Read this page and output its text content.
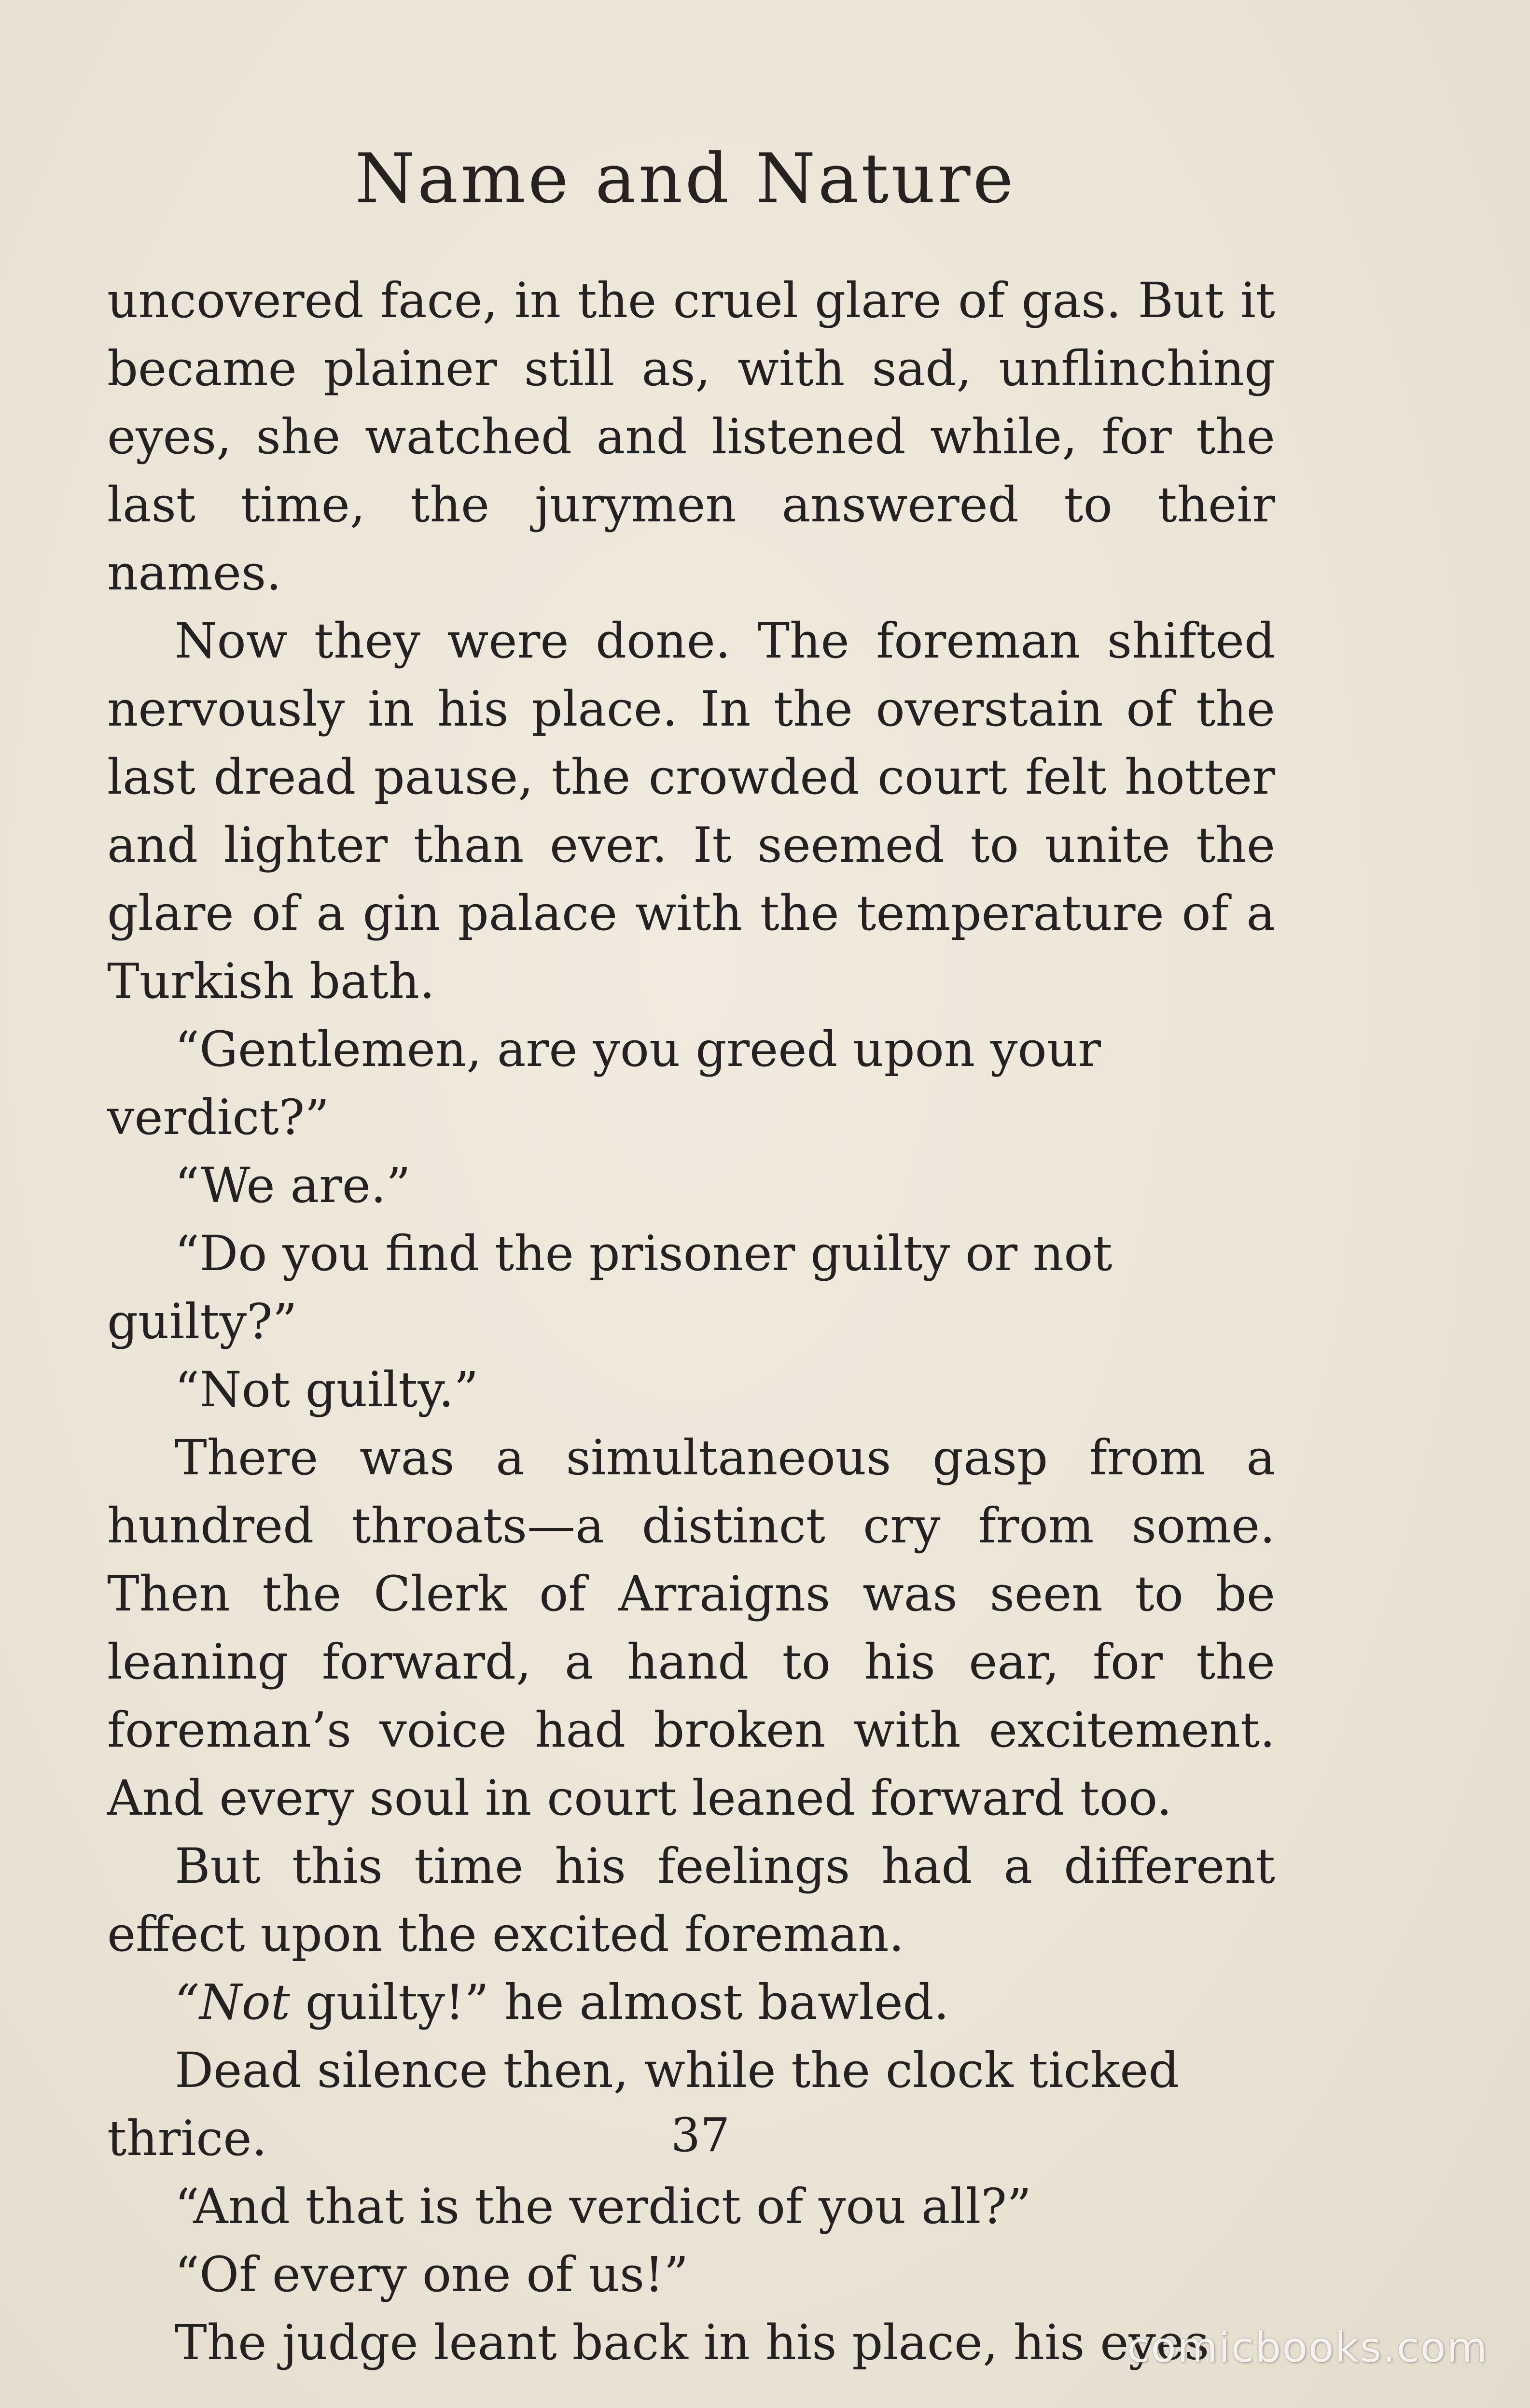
Name and Nature

uncovered face, in the cruel glare of gas. But it became plainer still as, with sad, unflinching eyes, she watched and listened while, for the last time, the jurymen answered to their names.

Now they were done. The foreman shifted nervously in his place. In the overstain of the last dread pause, the crowded court felt hotter and lighter than ever. It seemed to unite the glare of a gin palace with the temperature of a Turkish bath.

“Gentlemen, are you greed upon your verdict?”

“We are.”

“Do you find the prisoner guilty or not guilty?”

“Not guilty.”

There was a simultaneous gasp from a hundred throats—a distinct cry from some. Then the Clerk of Arraigns was seen to be leaning forward, a hand to his ear, for the foreman’s voice had broken with excitement. And every soul in court leaned forward too.

But this time his feelings had a different effect upon the excited foreman.

“Not guilty!” he almost bawled.

Dead silence then, while the clock ticked thrice.

“And that is the verdict of you all?”

“Of every one of us!”

The judge leant back in his place, his eyes

37
comicbooks.com
